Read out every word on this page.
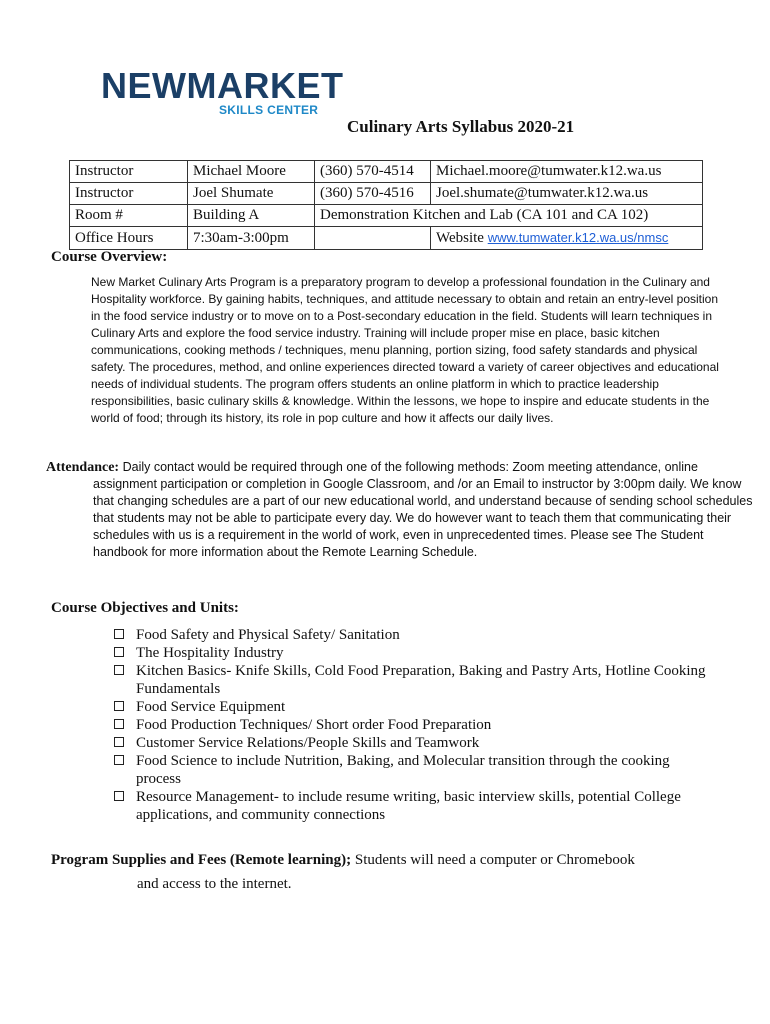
NEWMARKET
SKILLS CENTER
Culinary Arts Syllabus 2020-21
Instructor	Michael Moore	(360) 570-4514	Michael.moore@tumwater.k12.wa.us
Instructor	Joel Shumate	(360) 570-4516	Joel.shumate@tumwater.k12.wa.us
Room #	Building A	Demonstration Kitchen and Lab (CA 101 and CA 102)	
Office Hours	7:30am-3:00pm		Website www.tumwater.k12.wa.us/nmsc
Course Overview:

New Market Culinary Arts Program is a preparatory program to develop a professional foundation in the Culinary and Hospitality workforce. By gaining habits, techniques, and attitude necessary to obtain and retain an entry-level position in the food service industry or to move on to a Post-secondary education in the field. Students will learn techniques in Culinary Arts and explore the food service industry. Training will include proper mise en place, basic kitchen communications, cooking methods / techniques, menu planning, portion sizing, food safety standards and physical safety. The procedures, method, and online experiences directed toward a variety of career objectives and educational needs of individual students. The program offers students an online platform in which to practice leadership responsibilities, basic culinary skills & knowledge. Within the lessons, we hope to inspire and educate students in the world of food; through its history, its role in pop culture and how it affects our daily lives.

Attendance: Daily contact would be required through one of the following methods: Zoom meeting attendance, online assignment participation or completion in Google Classroom, and /or an Email to instructor by 3:00pm daily. We know that changing schedules are a part of our new educational world, and understand because of sending school schedules that students may not be able to participate every day. We do however want to teach them that communicating their schedules with us is a requirement in the world of work, even in unprecedented times. Please see The Student handbook for more information about the Remote Learning Schedule.

Course Objectives and Units:
Food Safety and Physical Safety/ Sanitation
The Hospitality Industry
Kitchen Basics- Knife Skills, Cold Food Preparation, Baking and Pastry Arts, Hotline Cooking Fundamentals
Food Service Equipment
Food Production Techniques/ Short order Food Preparation
Customer Service Relations/People Skills and Teamwork
Food Science to include Nutrition, Baking, and Molecular transition through the cooking process
Resource Management- to include resume writing, basic interview skills, potential College applications, and community connections

Program Supplies and Fees (Remote learning); Students will need a computer or Chromebook
and access to the internet.
